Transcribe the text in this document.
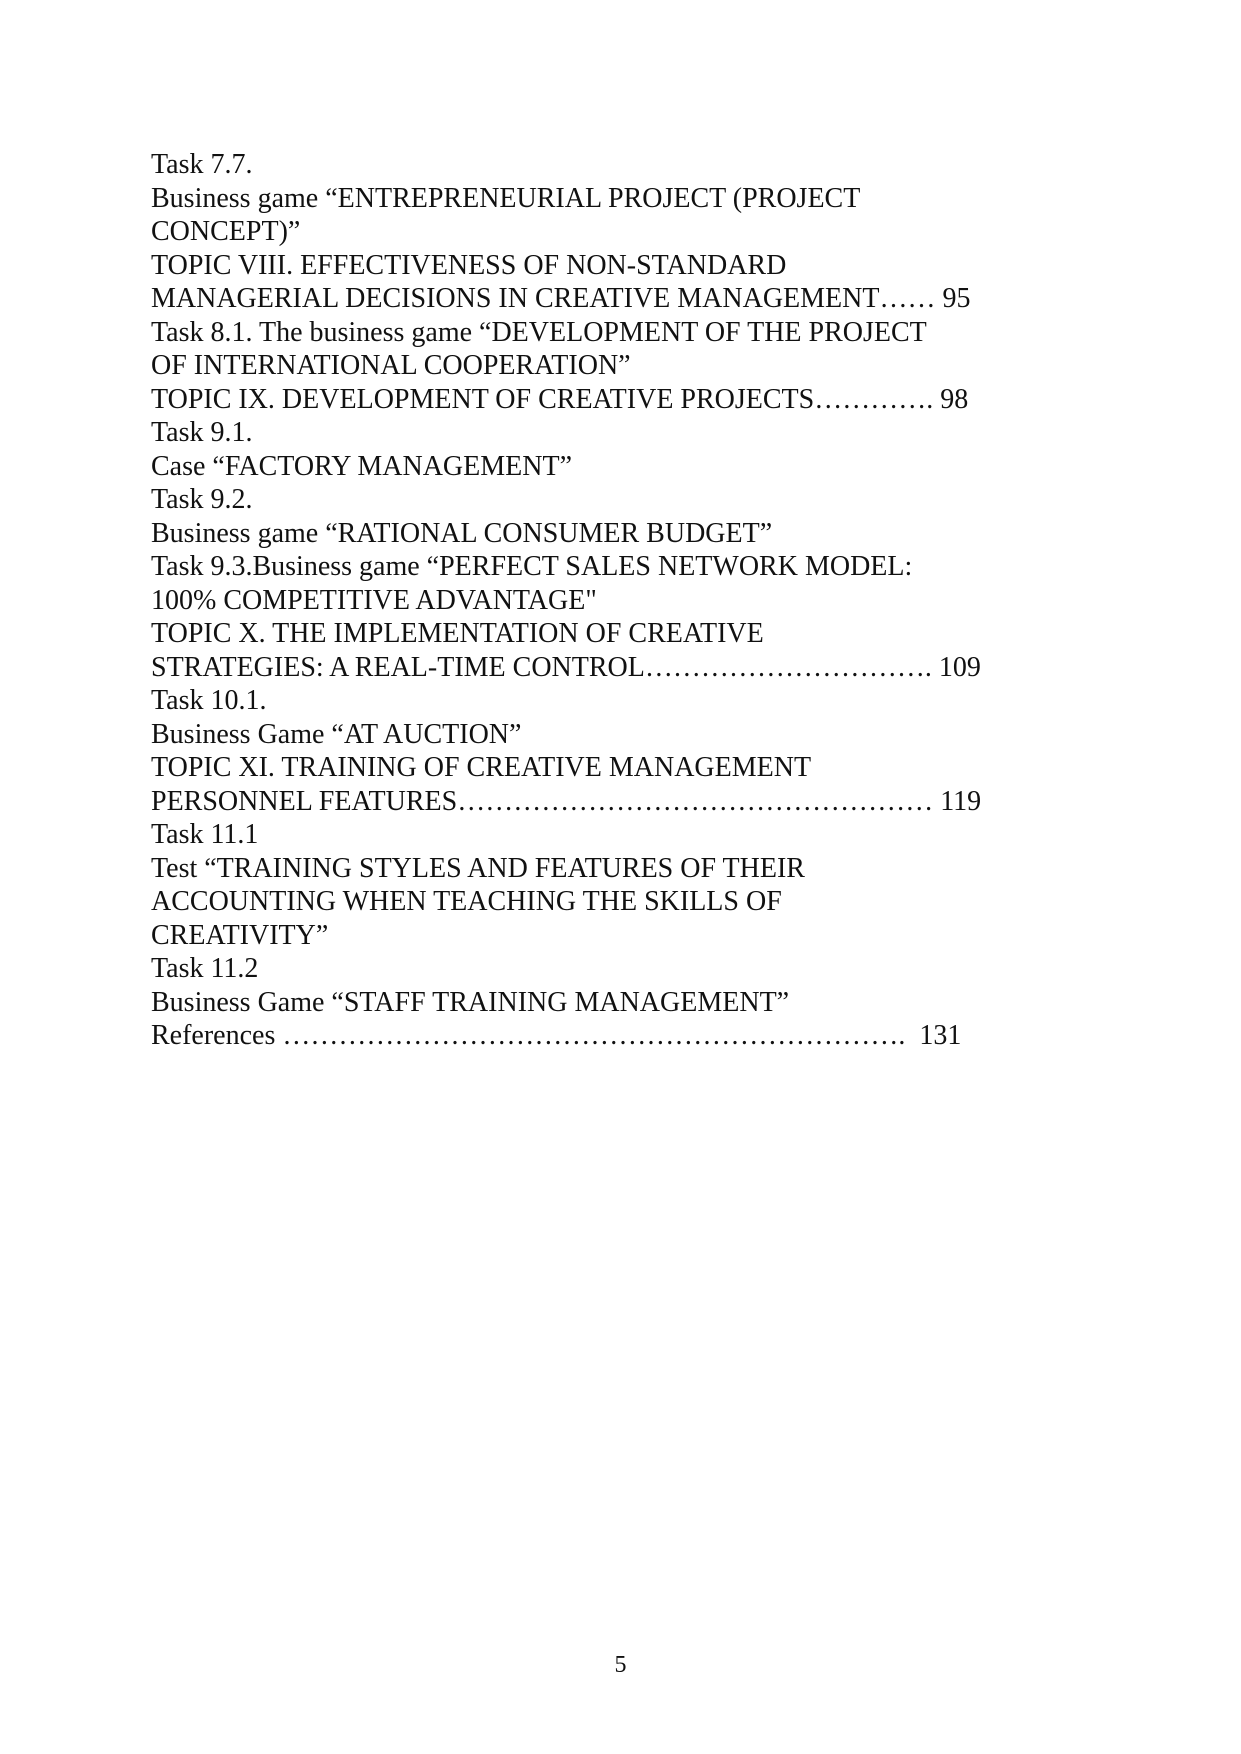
Task 7.7.
Business game “ENTREPRENEURIAL PROJECT (PROJECT
CONCEPT)”
TOPIC VIII. EFFECTIVENESS OF NON-STANDARD
MANAGERIAL DECISIONS IN CREATIVE MANAGEMENT…… 95
Task 8.1. The business game “DEVELOPMENT OF THE PROJECT
OF INTERNATIONAL COOPERATION”
TOPIC IX. DEVELOPMENT OF CREATIVE PROJECTS…………. 98
Task 9.1.
Case “FACTORY MANAGEMENT”
Task 9.2.
Business game “RATIONAL CONSUMER BUDGET”
Task 9.3.Business game “PERFECT SALES NETWORK MODEL:
100% COMPETITIVE ADVANTAGE"
TOPIC X. THE IMPLEMENTATION OF CREATIVE
STRATEGIES: A REAL-TIME CONTROL…………………………. 109
Task 10.1.
Business Game “AT AUCTION”
TOPIC XI. TRAINING OF CREATIVE MANAGEMENT
PERSONNEL FEATURES…………………………………………… 119
Task 11.1
Test “TRAINING STYLES AND FEATURES OF THEIR
ACCOUNTING WHEN TEACHING THE SKILLS OF
CREATIVITY”
Task 11.2
Business Game “STAFF TRAINING MANAGEMENT”
References ………………………………………………………….  131
5
